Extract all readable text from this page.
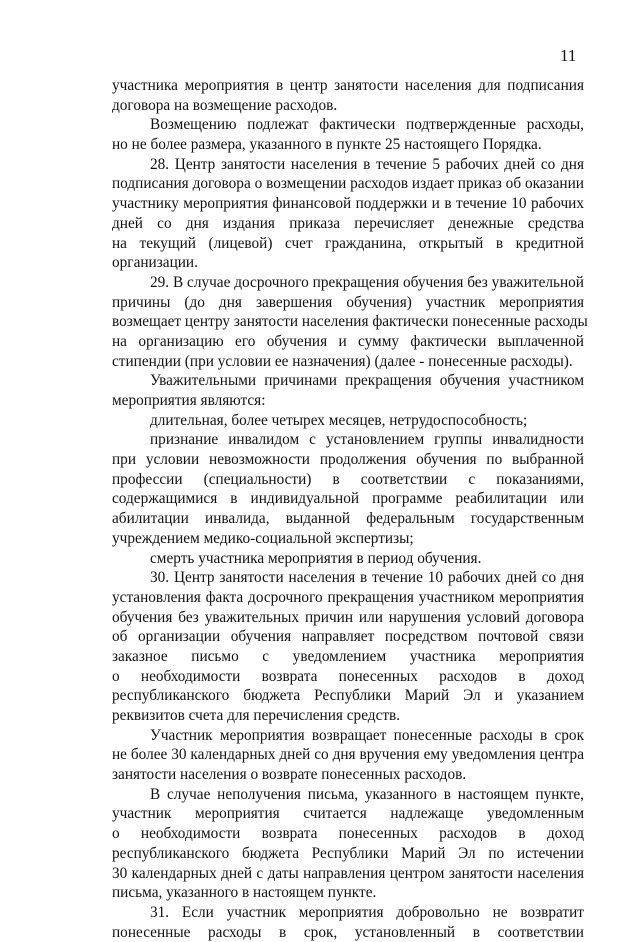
11
участника мероприятия в центр занятости населения для подписания
договора на возмещение расходов.
Возмещению подлежат фактически подтвержденные расходы,
но не более размера, указанного в пункте 25 настоящего Порядка.
28. Центр занятости населения в течение 5 рабочих дней со дня
подписания договора о возмещении расходов издает приказ об оказании
участнику мероприятия финансовой поддержки и в течение 10 рабочих
дней со дня издания приказа перечисляет денежные средства
на текущий (лицевой) счет гражданина, открытый в кредитной
организации.
29. В случае досрочного прекращения обучения без уважительной
причины (до дня завершения обучения) участник мероприятия
возмещает центру занятости населения фактически понесенные расходы
на организацию его обучения и сумму фактически выплаченной
стипендии (при условии ее назначения) (далее - понесенные расходы).
Уважительными причинами прекращения обучения участником
мероприятия являются:
длительная, более четырех месяцев, нетрудоспособность;
признание инвалидом с установлением группы инвалидности
при условии невозможности продолжения обучения по выбранной
профессии (специальности) в соответствии с показаниями,
содержащимися в индивидуальной программе реабилитации или
абилитации инвалида, выданной федеральным государственным
учреждением медико-социальной экспертизы;
смерть участника мероприятия в период обучения.
30. Центр занятости населения в течение 10 рабочих дней со дня
установления факта досрочного прекращения участником мероприятия
обучения без уважительных причин или нарушения условий договора
об организации обучения направляет посредством почтовой связи
заказное письмо с уведомлением участника мероприятия
о необходимости возврата понесенных расходов в доход
республиканского бюджета Республики Марий Эл и указанием
реквизитов счета для перечисления средств.
Участник мероприятия возвращает понесенные расходы в срок
не более 30 календарных дней со дня вручения ему уведомления центра
занятости населения о возврате понесенных расходов.
В случае неполучения письма, указанного в настоящем пункте,
участник мероприятия считается надлежаще уведомленным
о необходимости возврата понесенных расходов в доход
республиканского бюджета Республики Марий Эл по истечении
30 календарных дней с даты направления центром занятости населения
письма, указанного в настоящем пункте.
31. Если участник мероприятия добровольно не возвратит
понесенные расходы в срок, установленный в соответствии
